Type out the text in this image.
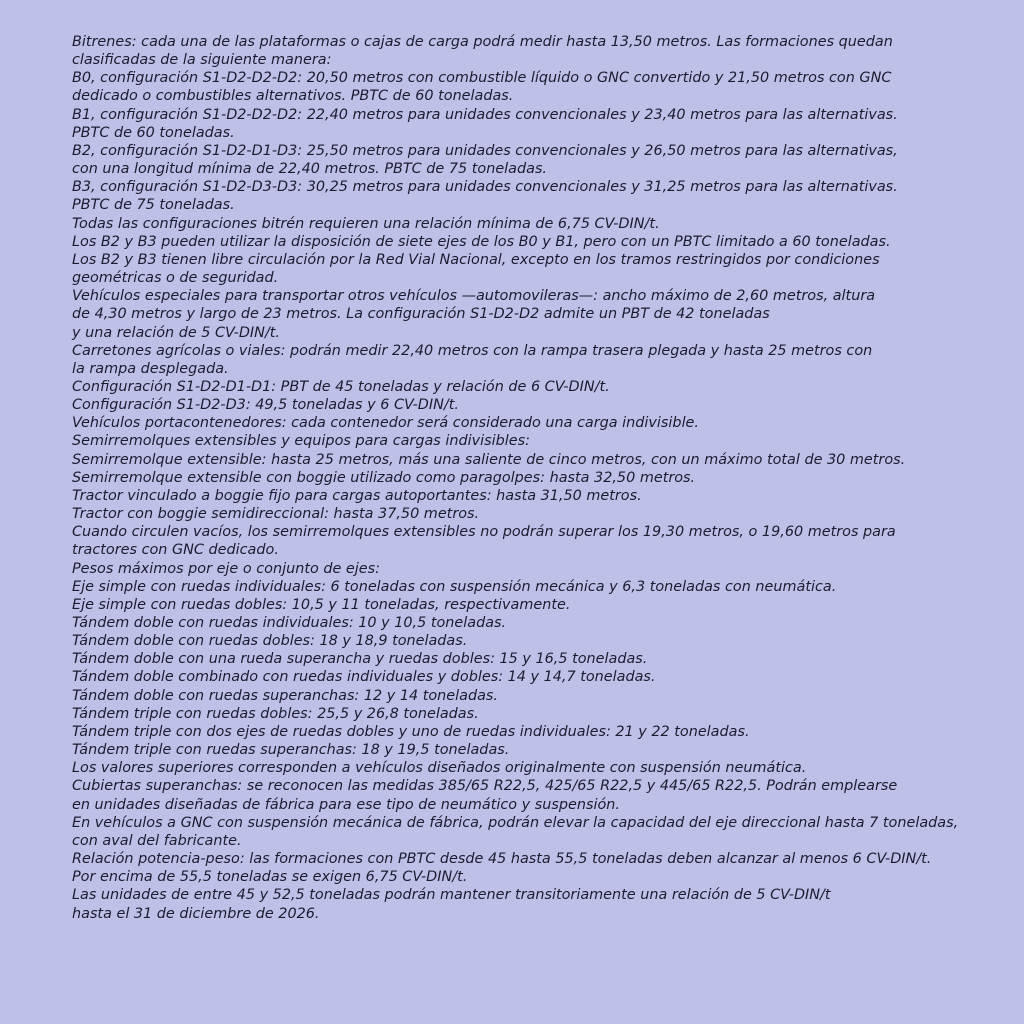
Bitrenes: cada una de las plataformas o cajas de carga podrá medir hasta 13,50 metros. Las formaciones quedan
clasificadas de la siguiente manera:
B0, configuración S1-D2-D2-D2: 20,50 metros con combustible líquido o GNC convertido y 21,50 metros con GNC
dedicado o combustibles alternativos. PBTC de 60 toneladas.
B1, configuración S1-D2-D2-D2: 22,40 metros para unidades convencionales y 23,40 metros para las alternativas.
PBTC de 60 toneladas.
B2, configuración S1-D2-D1-D3: 25,50 metros para unidades convencionales y 26,50 metros para las alternativas,
con una longitud mínima de 22,40 metros. PBTC de 75 toneladas.
B3, configuración S1-D2-D3-D3: 30,25 metros para unidades convencionales y 31,25 metros para las alternativas.
PBTC de 75 toneladas.
Todas las configuraciones bitrén requieren una relación mínima de 6,75 CV-DIN/t.
Los B2 y B3 pueden utilizar la disposición de siete ejes de los B0 y B1, pero con un PBTC limitado a 60 toneladas.
Los B2 y B3 tienen libre circulación por la Red Vial Nacional, excepto en los tramos restringidos por condiciones
geométricas o de seguridad.
Vehículos especiales para transportar otros vehículos —automovileras—: ancho máximo de 2,60 metros, altura
de 4,30 metros y largo de 23 metros. La configuración S1-D2-D2 admite un PBT de 42 toneladas
y una relación de 5 CV-DIN/t.
Carretones agrícolas o viales: podrán medir 22,40 metros con la rampa trasera plegada y hasta 25 metros con
la rampa desplegada.
Configuración S1-D2-D1-D1: PBT de 45 toneladas y relación de 6 CV-DIN/t.
Configuración S1-D2-D3: 49,5 toneladas y 6 CV-DIN/t.
Vehículos portacontenedores: cada contenedor será considerado una carga indivisible.
Semirremolques extensibles y equipos para cargas indivisibles:
Semirremolque extensible: hasta 25 metros, más una saliente de cinco metros, con un máximo total de 30 metros.
Semirremolque extensible con boggie utilizado como paragolpes: hasta 32,50 metros.
Tractor vinculado a boggie fijo para cargas autoportantes: hasta 31,50 metros.
Tractor con boggie semidireccional: hasta 37,50 metros.
Cuando circulen vacíos, los semirremolques extensibles no podrán superar los 19,30 metros, o 19,60 metros para
tractores con GNC dedicado.
Pesos máximos por eje o conjunto de ejes:
Eje simple con ruedas individuales: 6 toneladas con suspensión mecánica y 6,3 toneladas con neumática.
Eje simple con ruedas dobles: 10,5 y 11 toneladas, respectivamente.
Tándem doble con ruedas individuales: 10 y 10,5 toneladas.
Tándem doble con ruedas dobles: 18 y 18,9 toneladas.
Tándem doble con una rueda superancha y ruedas dobles: 15 y 16,5 toneladas.
Tándem doble combinado con ruedas individuales y dobles: 14 y 14,7 toneladas.
Tándem doble con ruedas superanchas: 12 y 14 toneladas.
Tándem triple con ruedas dobles: 25,5 y 26,8 toneladas.
Tándem triple con dos ejes de ruedas dobles y uno de ruedas individuales: 21 y 22 toneladas.
Tándem triple con ruedas superanchas: 18 y 19,5 toneladas.
Los valores superiores corresponden a vehículos diseñados originalmente con suspensión neumática.
Cubiertas superanchas: se reconocen las medidas 385/65 R22,5, 425/65 R22,5 y 445/65 R22,5. Podrán emplearse
en unidades diseñadas de fábrica para ese tipo de neumático y suspensión.
En vehículos a GNC con suspensión mecánica de fábrica, podrán elevar la capacidad del eje direccional hasta 7 toneladas,
con aval del fabricante.
Relación potencia-peso: las formaciones con PBTC desde 45 hasta 55,5 toneladas deben alcanzar al menos 6 CV-DIN/t.
Por encima de 55,5 toneladas se exigen 6,75 CV-DIN/t.
Las unidades de entre 45 y 52,5 toneladas podrán mantener transitoriamente una relación de 5 CV-DIN/t
hasta el 31 de diciembre de 2026.
